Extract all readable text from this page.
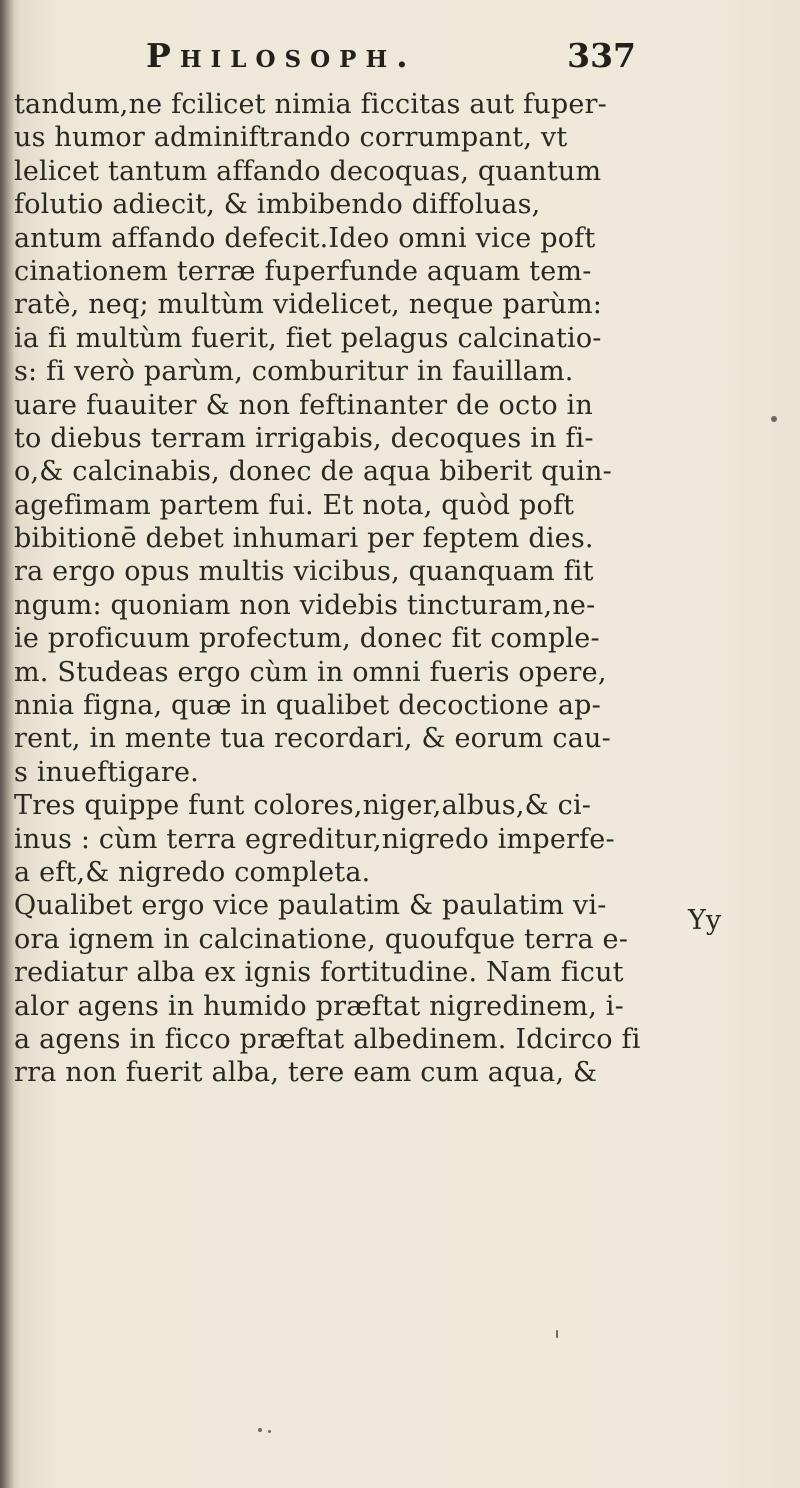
Philosoph.	337
tandum,ne fcilicet nimia ficcitas aut fuper-
us humor adminiftrando corrumpant, vt
lelicet tantum affando decoquas, quantum
folutio adiecit, & imbibendo diffoluas,
antum affando defecit.Ideo omni vice poft
cinationem terræ fuperfunde aquam tem-
ratè, neq; multùm videlicet, neque parùm:
ia fi multùm fuerit, fiet pelagus calcinatio-
s: fi verò parùm, comburitur in fauillam.
uare fuauiter & non feftinanter de octo in
to diebus terram irrigabis, decoques in fi-
o,& calcinabis, donec de aqua biberit quin-
agefimam partem fui. Et nota, quòd poft
bibitionē debet inhumari per feptem dies.
ra ergo opus multis vicibus, quanquam fit
ngum: quoniam non videbis tincturam,ne-
ie proficuum profectum, donec fit comple-
m. Studeas ergo cùm in omni fueris opere,
nnia figna, quæ in qualibet decoctione ap-
rent, in mente tua recordari, & eorum cau-
s inueftigare.
Tres quippe funt colores,niger,albus,& ci-
inus : cùm terra egreditur,nigredo imperfe-
a eft,& nigredo completa.
Qualibet ergo vice paulatim & paulatim vi-
ora ignem in calcinatione, quoufque terra e-
rediatur alba ex ignis fortitudine. Nam ficut
alor agens in humido præftat nigredinem, i-
a agens in ficco præftat albedinem. Idcirco fi
rra non fuerit alba, tere eam cum aqua, &
Yy
